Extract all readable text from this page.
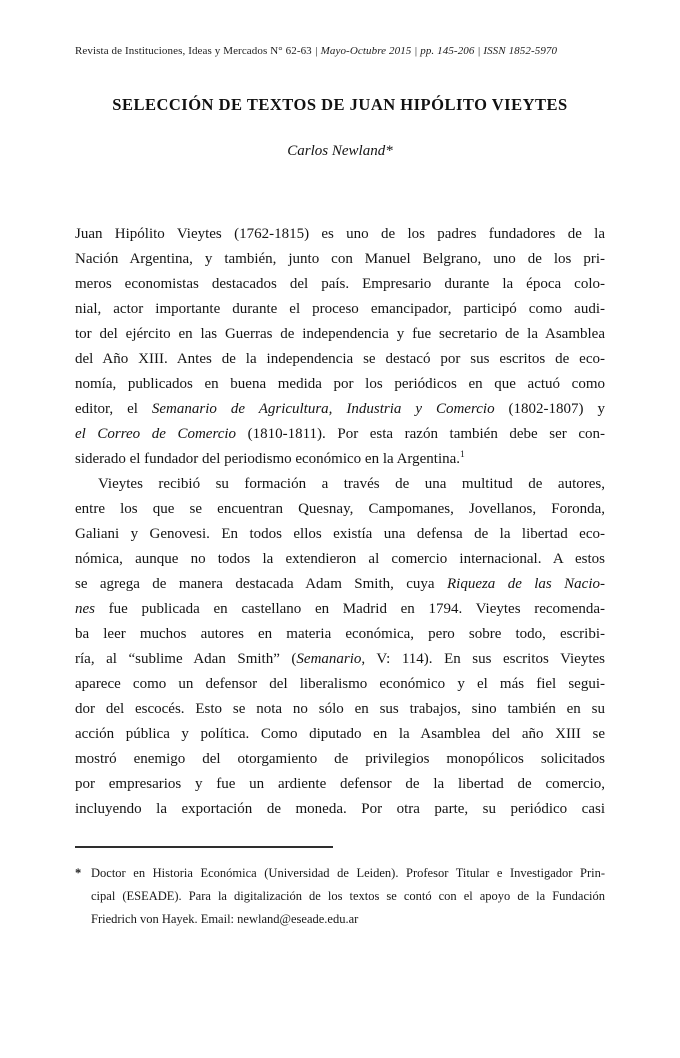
Revista de Instituciones, Ideas y Mercados N° 62-63 | Mayo-Octubre 2015 | pp. 145-206 | ISSN 1852-5970
SELECCIÓN DE TEXTOS DE JUAN HIPÓLITO VIEYTES
Carlos Newland*
Juan Hipólito Vieytes (1762-1815) es uno de los padres fundadores de la
Nación Argentina, y también, junto con Manuel Belgrano, uno de los pri-
meros economistas destacados del país. Empresario durante la época colo-
nial, actor importante durante el proceso emancipador, participó como audi-
tor del ejército en las Guerras de independencia y fue secretario de la Asamblea
del Año XIII. Antes de la independencia se destacó por sus escritos de eco-
nomía, publicados en buena medida por los periódicos en que actuó como
editor, el Semanario de Agricultura, Industria y Comercio (1802-1807) y
el Correo de Comercio (1810-1811). Por esta razón también debe ser con-
siderado el fundador del periodismo económico en la Argentina.$^1$
Vieytes recibió su formación a través de una multitud de autores,
entre los que se encuentran Quesnay, Campomanes, Jovellanos, Foronda,
Galiani y Genovesi. En todos ellos existía una defensa de la libertad eco-
nómica, aunque no todos la extendieron al comercio internacional. A estos
se agrega de manera destacada Adam Smith, cuya Riqueza de las Nacio-
nes fue publicada en castellano en Madrid en 1794. Vieytes recomenda-
ba leer muchos autores en materia económica, pero sobre todo, escribi-
ría, al “sublime Adan Smith” (Semanario, V: 114). En sus escritos Vieytes
aparece como un defensor del liberalismo económico y el más fiel segui-
dor del escocés. Esto se nota no sólo en sus trabajos, sino también en su
acción pública y política. Como diputado en la Asamblea del año XIII se
mostró enemigo del otorgamiento de privilegios monopólicos solicitados
por empresarios y fue un ardiente defensor de la libertad de comercio,
incluyendo la exportación de moneda. Por otra parte, su periódico casi
* Doctor en Historia Económica (Universidad de Leiden). Profesor Titular e Investigador Prin-
cipal (ESEADE). Para la digitalización de los textos se contó con el apoyo de la Fundación
Friedrich von Hayek. Email: newland@eseade.edu.ar
